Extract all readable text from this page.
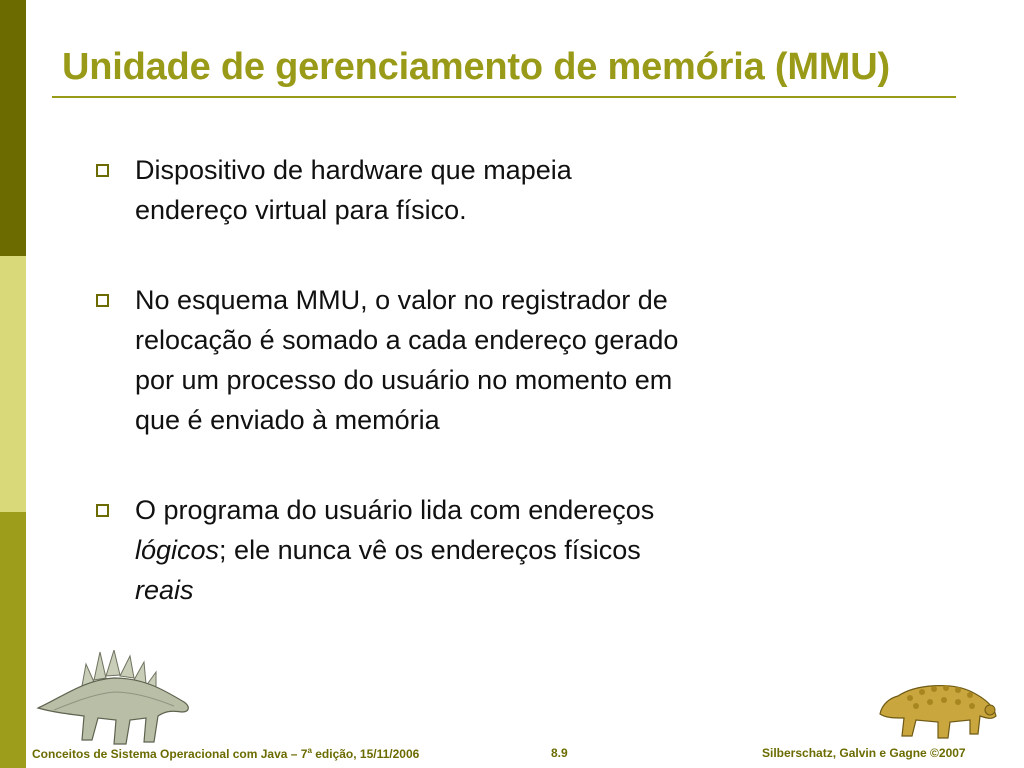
Unidade de gerenciamento de memória (MMU)
Dispositivo de hardware que mapeia
endereço virtual para físico.
No esquema MMU, o valor no registrador de
relocação é somado a cada endereço gerado
por um processo do usuário no momento em
que é enviado à memória
O programa do usuário lida com endereços
lógicos; ele nunca vê os endereços físicos
reais
Conceitos de Sistema Operacional com Java – 7$^a$ edição, 15/11/2006	8.9	Silberschatz, Galvin e Gagne ©2007
